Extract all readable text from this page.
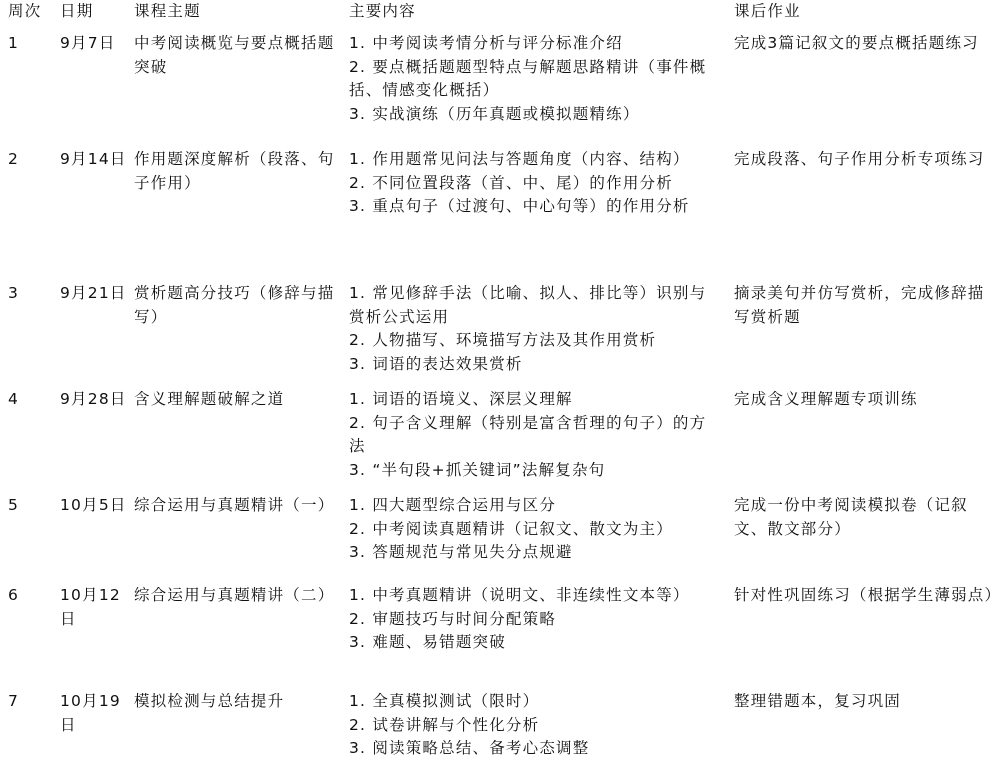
周次	日期	课程主题	主要内容	课后作业
1	9月7日	中考阅读概览与要点概括题突破	1. 中考阅读考情分析与评分标准介绍
2. 要点概括题题型特点与解题思路精讲（事件概括、情感变化概括）
3. 实战演练（历年真题或模拟题精练）	完成3篇记叙文的要点概括题练习
2	9月14日	作用题深度解析（段落、句子作用）	1. 作用题常见问法与答题角度（内容、结构）
2. 不同位置段落（首、中、尾）的作用分析
3. 重点句子（过渡句、中心句等）的作用分析	完成段落、句子作用分析专项练习
3	9月21日	赏析题高分技巧（修辞与描写）	1. 常见修辞手法（比喻、拟人、排比等）识别与赏析公式运用
2. 人物描写、环境描写方法及其作用赏析
3. 词语的表达效果赏析	摘录美句并仿写赏析，完成修辞描写赏析题
4	9月28日	含义理解题破解之道	1. 词语的语境义、深层义理解
2. 句子含义理解（特别是富含哲理的句子）的方法
3. “半句段+抓关键词”法解复杂句	完成含义理解题专项训练
5	10月5日	综合运用与真题精讲（一）	1. 四大题型综合运用与区分
2. 中考阅读真题精讲（记叙文、散文为主）
3. 答题规范与常见失分点规避	完成一份中考阅读模拟卷（记叙文、散文部分）
6	10月12日	综合运用与真题精讲（二）	1. 中考真题精讲（说明文、非连续性文本等）
2. 审题技巧与时间分配策略
3. 难题、易错题突破	针对性巩固练习（根据学生薄弱点）
7	10月19日	模拟检测与总结提升	1. 全真模拟测试（限时）
2. 试卷讲解与个性化分析
3. 阅读策略总结、备考心态调整	整理错题本，复习巩固
